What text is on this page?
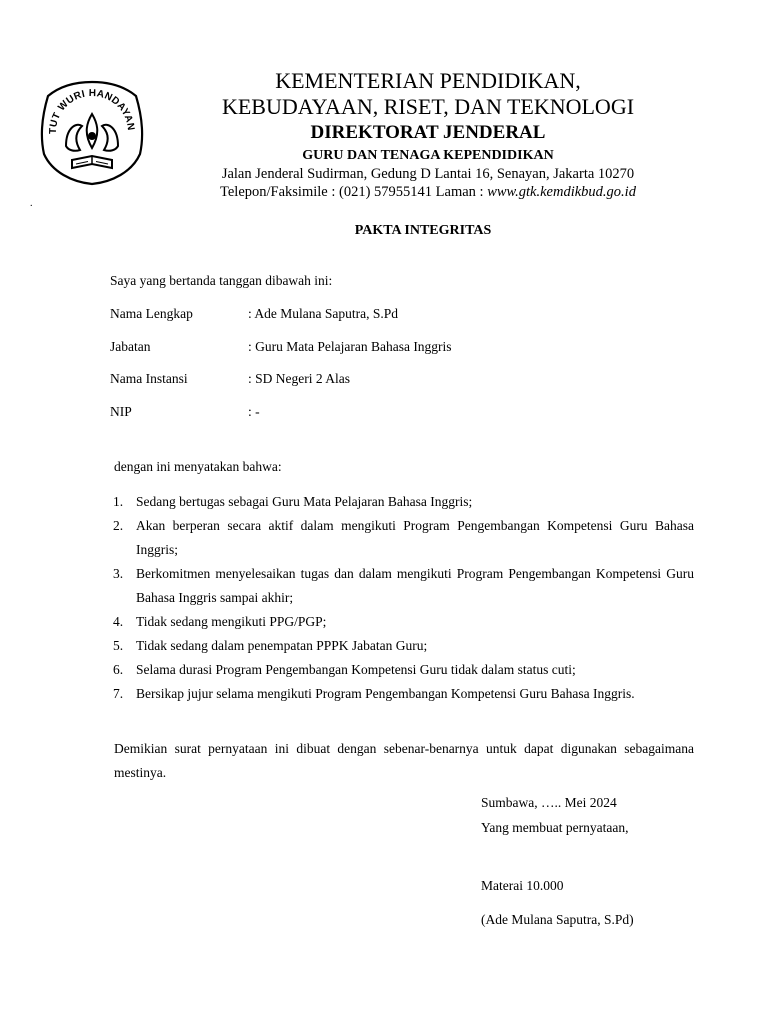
TUT WURI HANDAYAN
.
KEMENTERIAN PENDIDIKAN,
KEBUDAYAAN, RISET, DAN TEKNOLOGI
DIREKTORAT JENDERAL
GURU DAN TENAGA KEPENDIDIKAN
Jalan Jenderal Sudirman, Gedung D Lantai 16, Senayan, Jakarta 10270
Telepon/Faksimile : (021) 57955141 Laman : www.gtk.kemdikbud.go.id
PAKTA INTEGRITAS
Saya yang bertanda tanggan dibawah ini:
Nama Lengkap	: Ade Mulana Saputra, S.Pd
Jabatan	: Guru Mata Pelajaran Bahasa Inggris
Nama Instansi	: SD Negeri 2 Alas
NIP	: -
dengan ini menyatakan bahwa:
1. Sedang bertugas sebagai Guru Mata Pelajaran Bahasa Inggris;
2. Akan berperan secara aktif dalam mengikuti Program Pengembangan Kompetensi Guru Bahasa Inggris;
3. Berkomitmen menyelesaikan tugas dan dalam mengikuti Program Pengembangan Kompetensi Guru Bahasa Inggris sampai akhir;
4. Tidak sedang mengikuti PPG/PGP;
5. Tidak sedang dalam penempatan PPPK Jabatan Guru;
6. Selama durasi Program Pengembangan Kompetensi Guru tidak dalam status cuti;
7. Bersikap jujur selama mengikuti Program Pengembangan Kompetensi Guru Bahasa Inggris.
Demikian surat pernyataan ini dibuat dengan sebenar-benarnya untuk dapat digunakan sebagaimana mestinya.
Sumbawa, ….. Mei 2024
Yang membuat pernyataan,
Materai 10.000
(Ade Mulana Saputra, S.Pd)
